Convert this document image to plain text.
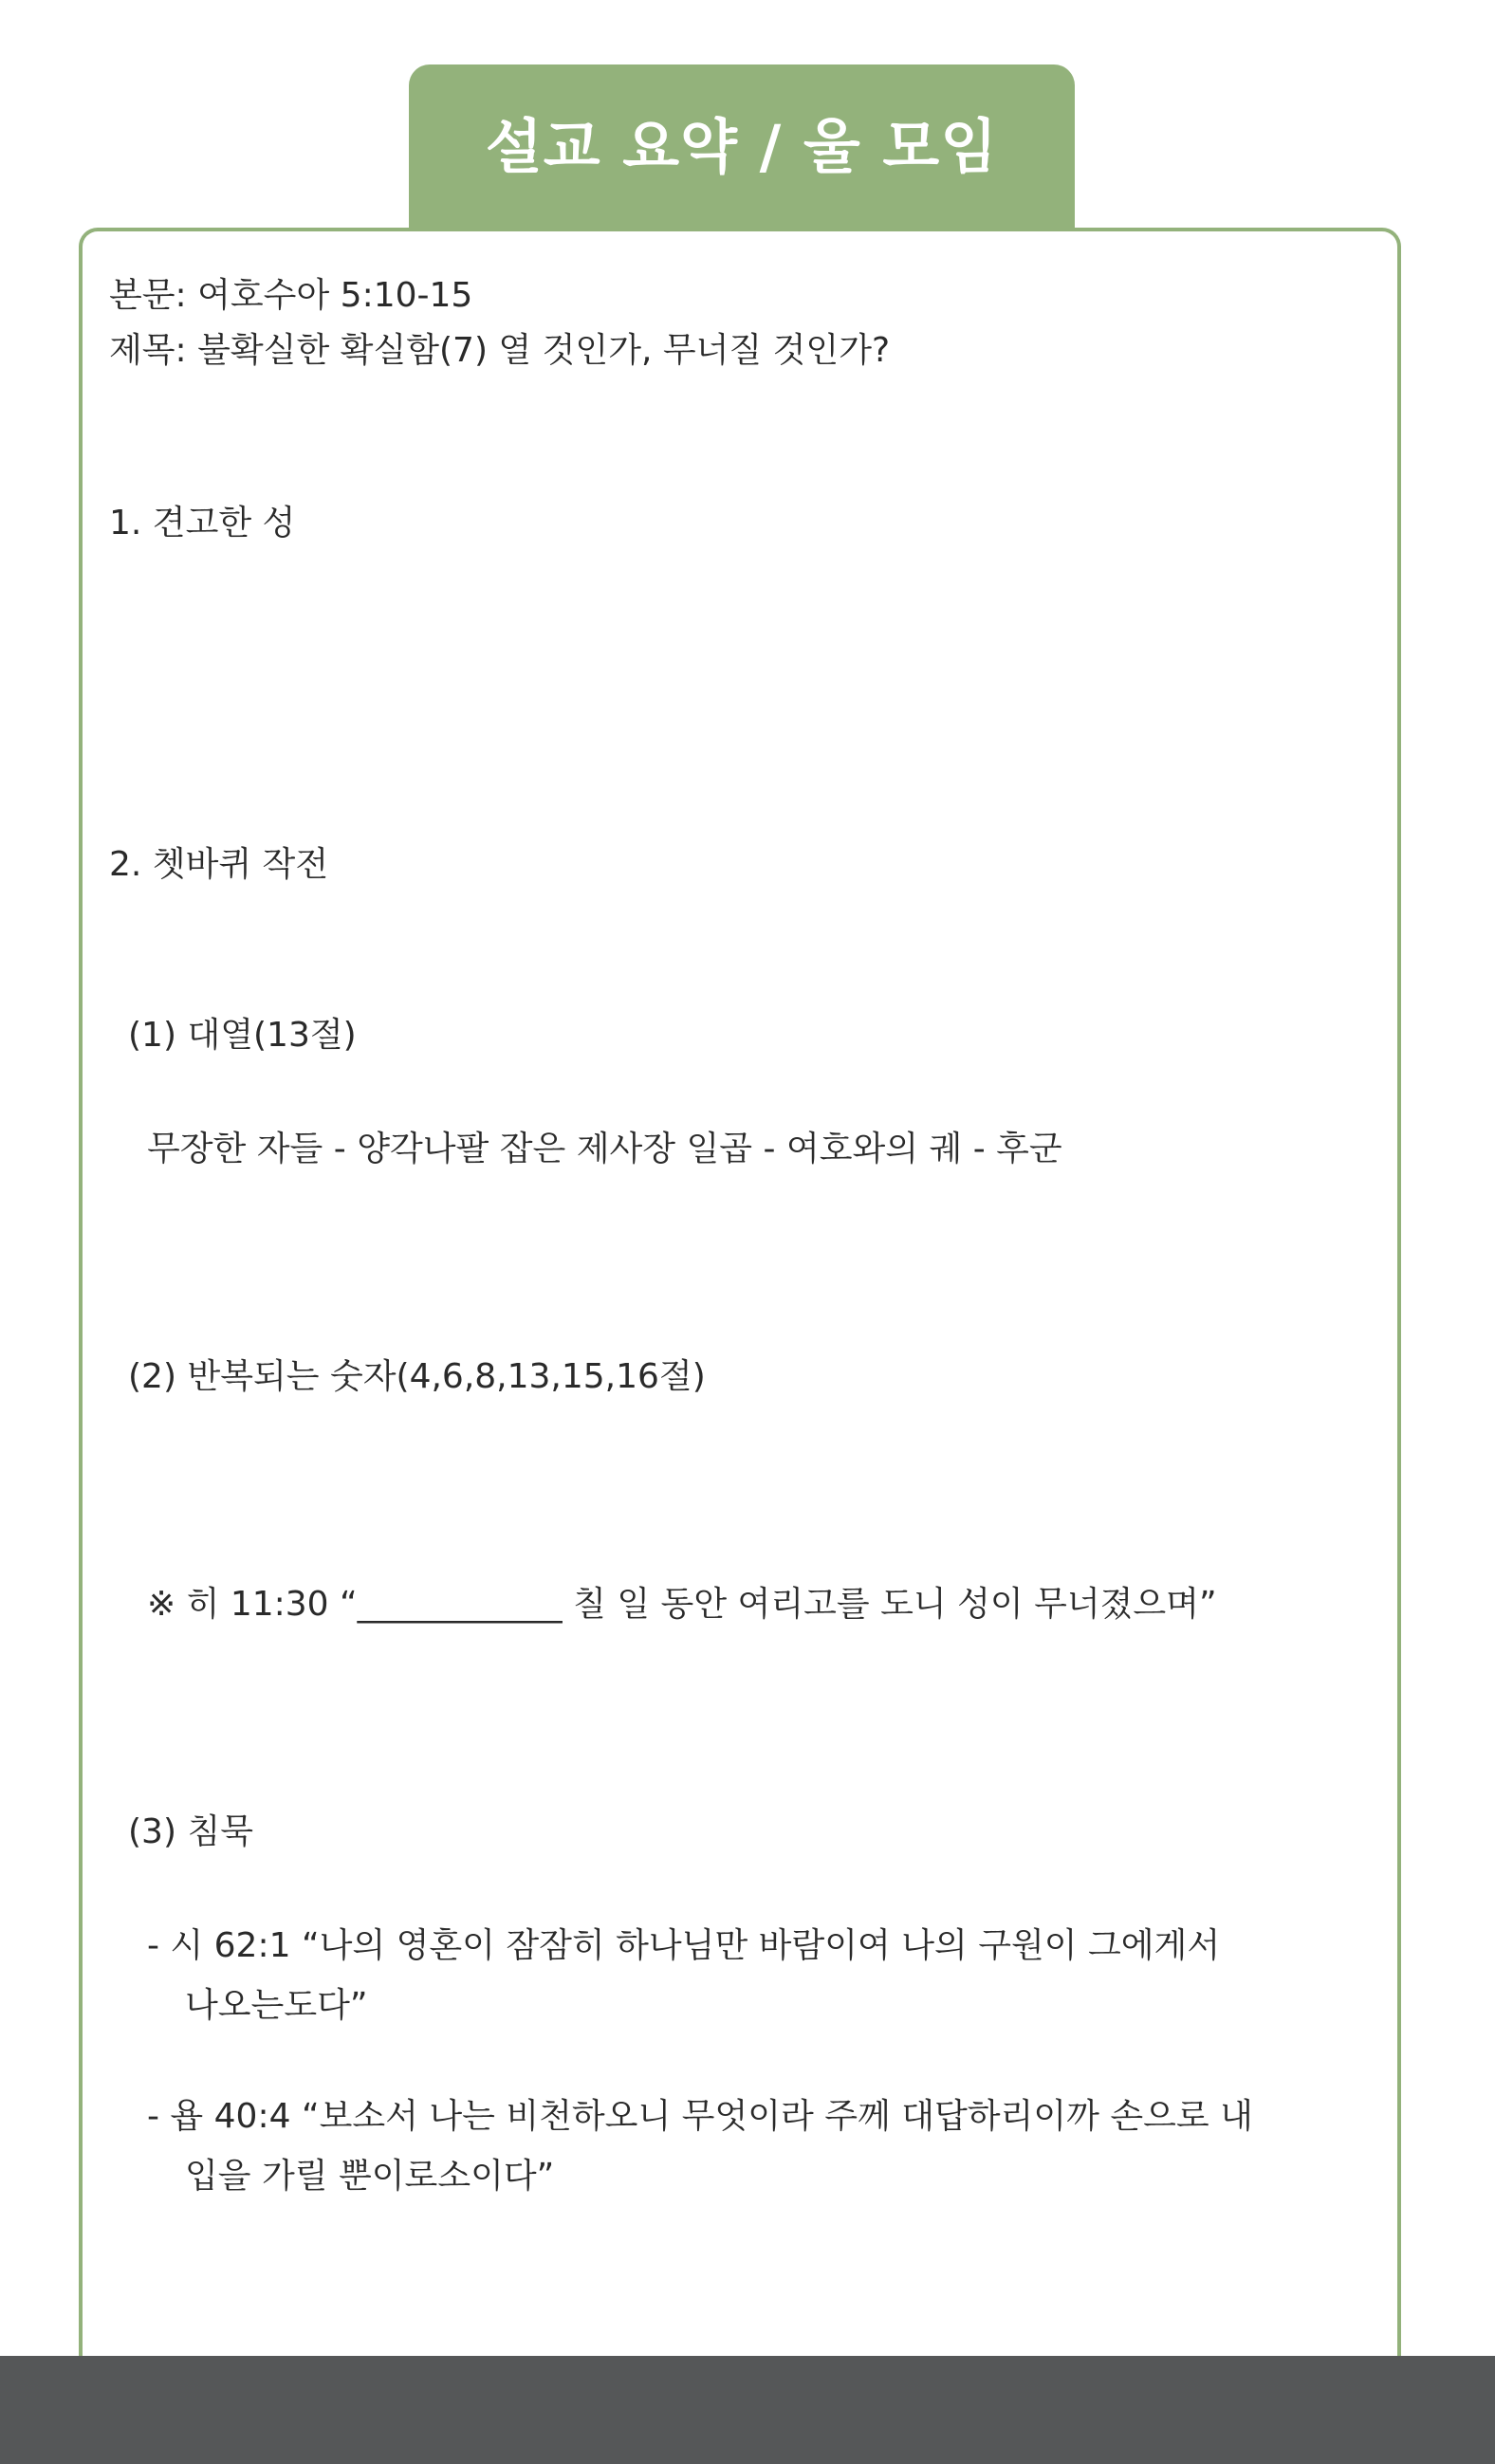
설교 요약 / 울 모임
본문: 여호수아 5:10-15
제목: 불확실한 확실함(7) 열 것인가, 무너질 것인가?
1. 견고한 성
2. 쳇바퀴 작전
(1) 대열(13절)
무장한 자들 - 양각나팔 잡은 제사장 일곱 - 여호와의 궤 - 후군
(2) 반복되는 숫자(4,6,8,13,15,16절)
※ 히 11:30 “____________ 칠 일 동안 여리고를 도니 성이 무너졌으며”
(3) 침묵
- 시 62:1 “나의 영혼이 잠잠히 하나님만 바람이여 나의 구원이 그에게서
나오는도다”
- 욥 40:4 “보소서 나는 비천하오니 무엇이라 주께 대답하리이까 손으로 내
입을 가릴 뿐이로소이다”
